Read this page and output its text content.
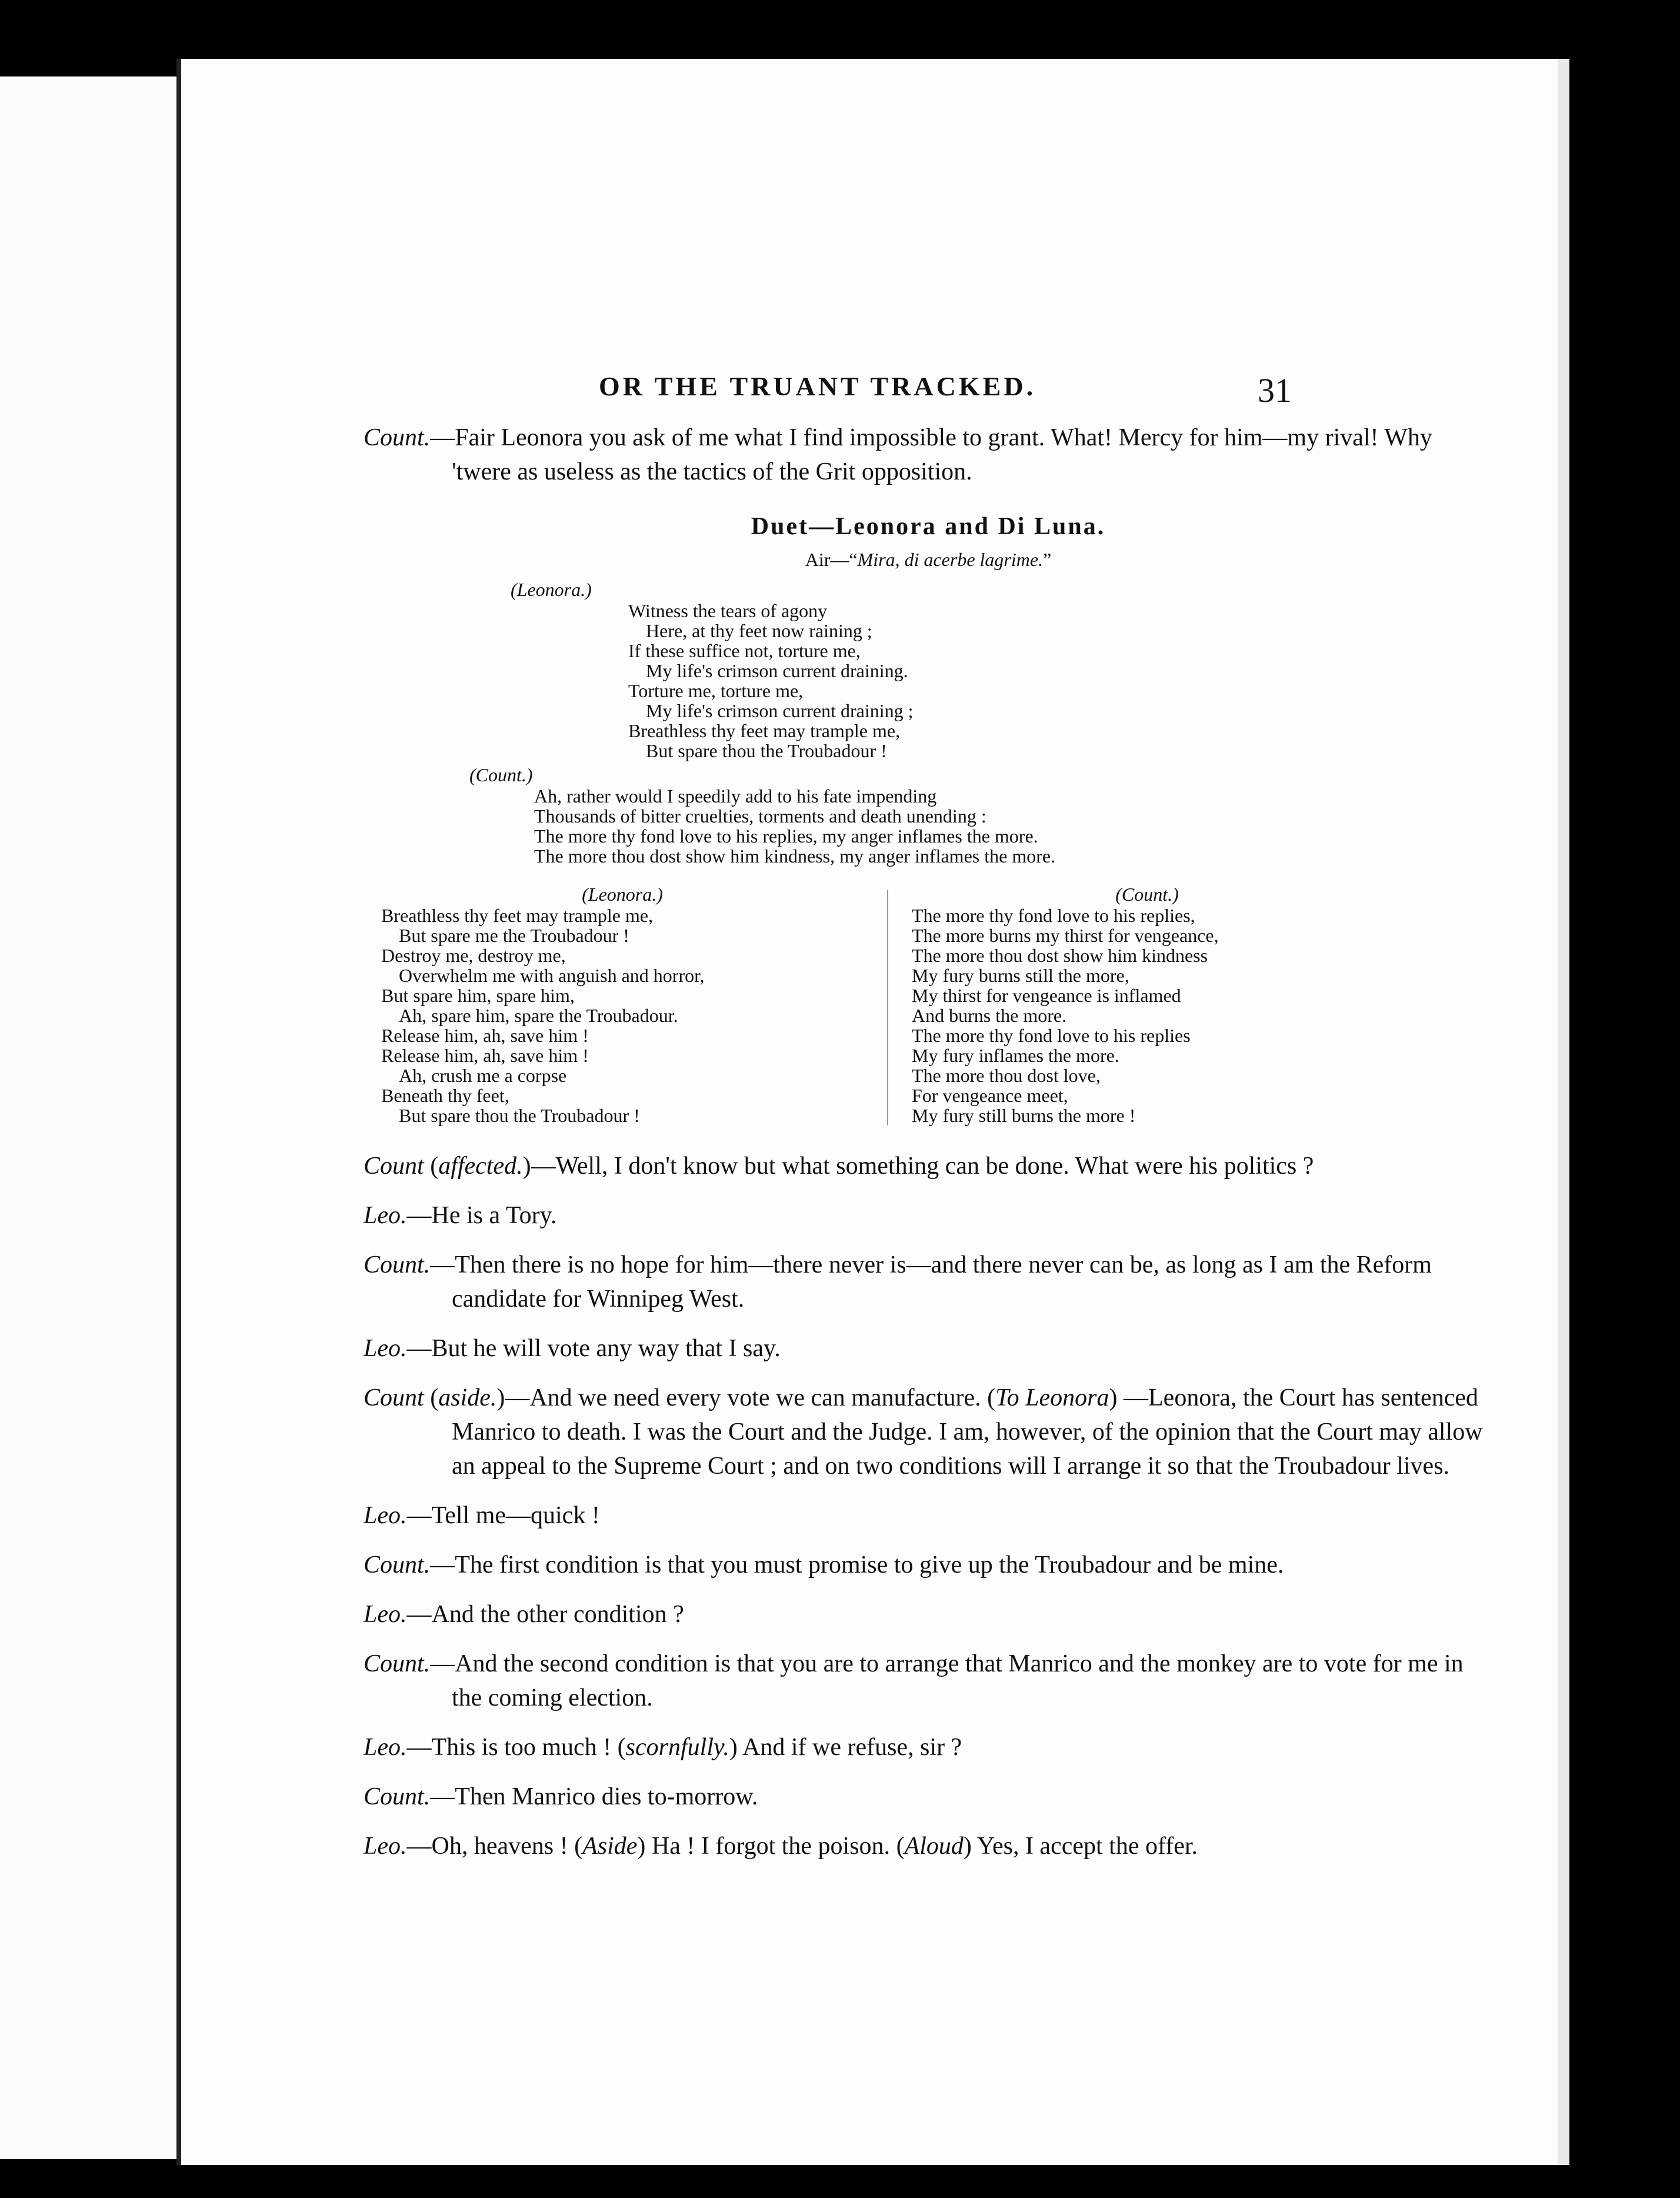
OR THE TRUANT TRACKED.	31

Count.—Fair Leonora you ask of me what I find impossible to grant. What! Mercy for him—my rival! Why 'twere as useless as the tactics of the Grit opposition.

Duet—Leonora and Di Luna.
Air—“Mira, di acerbe lagrime.”

(Leonora.)

Witness the tears of agony
Here, at thy feet now raining ;
If these suffice not, torture me,
My life's crimson current draining.
Torture me, torture me,
My life's crimson current draining ;
Breathless thy feet may trample me,
But spare thou the Troubadour !

(Count.)

Ah, rather would I speedily add to his fate impending
Thousands of bitter cruelties, torments and death unending :
The more thy fond love to his replies, my anger inflames the more.
The more thou dost show him kindness, my anger inflames the more.

(Leonora.)

Breathless thy feet may trample me,
But spare me the Troubadour !
Destroy me, destroy me,
Overwhelm me with anguish and horror,
But spare him, spare him,
Ah, spare him, spare the Troubadour.
Release him, ah, save him !
Release him, ah, save him !
Ah, crush me a corpse
Beneath thy feet,
But spare thou the Troubadour !

(Count.)

The more thy fond love to his replies,
The more burns my thirst for vengeance,
The more thou dost show him kindness
My fury burns still the more,
My thirst for vengeance is inflamed
And burns the more.
The more thy fond love to his replies
My fury inflames the more.
The more thou dost love,
For vengeance meet,
My fury still burns the more !

Count (affected.)—Well, I don't know but what something can be done. What were his politics ?

Leo.—He is a Tory.

Count.—Then there is no hope for him—there never is—and there never can be, as long as I am the Reform candidate for Winnipeg West.

Leo.—But he will vote any way that I say.

Count (aside.)—And we need every vote we can manufacture. (To Leonora) —Leonora, the Court has sentenced Manrico to death. I was the Court and the Judge. I am, however, of the opinion that the Court may allow an appeal to the Supreme Court ; and on two conditions will I arrange it so that the Troubadour lives.

Leo.—Tell me—quick !

Count.—The first condition is that you must promise to give up the Troubadour and be mine.

Leo.—And the other condition ?

Count.—And the second condition is that you are to arrange that Manrico and the monkey are to vote for me in the coming election.

Leo.—This is too much ! (scornfully.) And if we refuse, sir ?

Count.—Then Manrico dies to-morrow.

Leo.—Oh, heavens ! (Aside) Ha ! I forgot the poison. (Aloud) Yes, I accept the offer.
